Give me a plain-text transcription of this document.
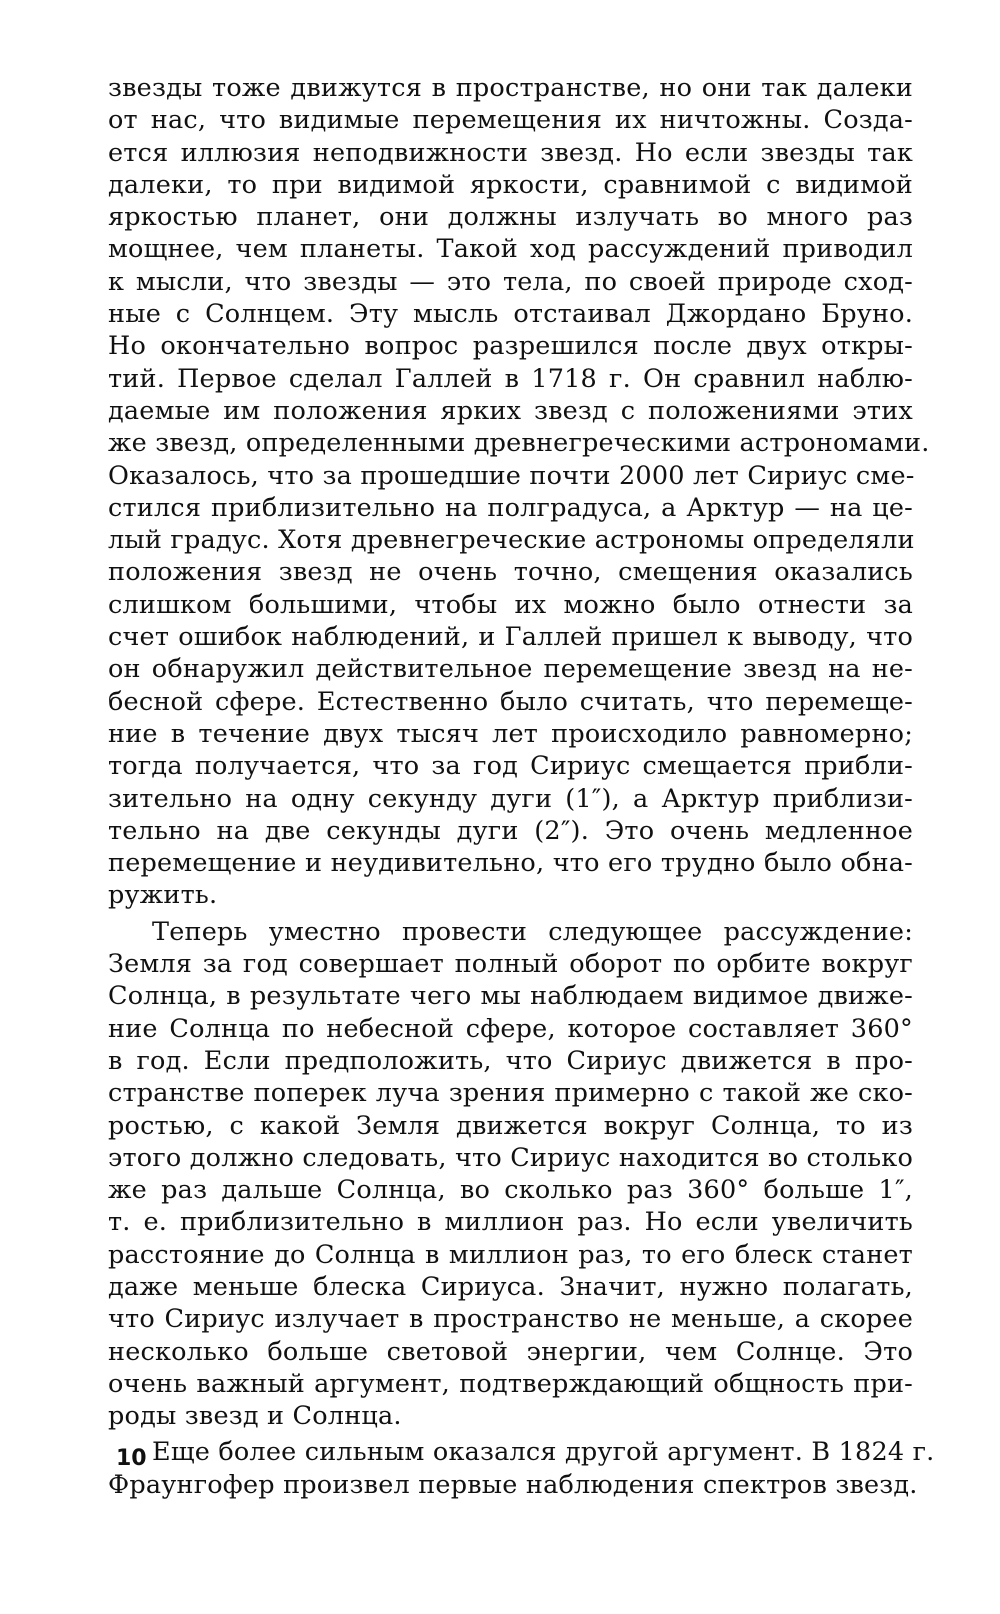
звезды тоже движутся в пространстве, но они так далеки
от нас, что видимые перемещения их ничтожны. Созда-
ется иллюзия неподвижности звезд. Но если звезды так
далеки, то при видимой яркости, сравнимой с видимой
яркостью планет, они должны излучать во много раз
мощнее, чем планеты. Такой ход рассуждений приводил
к мысли, что звезды — это тела, по своей природе сход-
ные с Солнцем. Эту мысль отстаивал Джордано Бруно.
Но окончательно вопрос разрешился после двух откры-
тий. Первое сделал Галлей в 1718 г. Он сравнил наблю-
даемые им положения ярких звезд с положениями этих
же звезд, определенными древнегреческими астрономами.
Оказалось, что за прошедшие почти 2000 лет Сириус сме-
стился приблизительно на полградуса, а Арктур — на це-
лый градус. Хотя древнегреческие астрономы определяли
положения звезд не очень точно, смещения оказались
слишком большими, чтобы их можно было отнести за
счет ошибок наблюдений, и Галлей пришел к выводу, что
он обнаружил действительное перемещение звезд на не-
бесной сфере. Естественно было считать, что перемеще-
ние в течение двух тысяч лет происходило равномерно;
тогда получается, что за год Сириус смещается прибли-
зительно на одну секунду дуги (1″), а Арктур приблизи-
тельно на две секунды дуги (2″). Это очень медленное
перемещение и неудивительно, что его трудно было обна-
ружить.
Теперь уместно провести следующее рассуждение:
Земля за год совершает полный оборот по орбите вокруг
Солнца, в результате чего мы наблюдаем видимое движе-
ние Солнца по небесной сфере, которое составляет 360°
в год. Если предположить, что Сириус движется в про-
странстве поперек луча зрения примерно с такой же ско-
ростью, с какой Земля движется вокруг Солнца, то из
этого должно следовать, что Сириус находится во столько
же раз дальше Солнца, во сколько раз 360° больше 1″,
т. е. приблизительно в миллион раз. Но если увеличить
расстояние до Солнца в миллион раз, то его блеск станет
даже меньше блеска Сириуса. Значит, нужно полагать,
что Сириус излучает в пространство не меньше, а скорее
несколько больше световой энергии, чем Солнце. Это
очень важный аргумент, подтверждающий общность при-
роды звезд и Солнца.
Еще более сильным оказался другой аргумент. В 1824 г.
Фраунгофер произвел первые наблюдения спектров звезд.
10
